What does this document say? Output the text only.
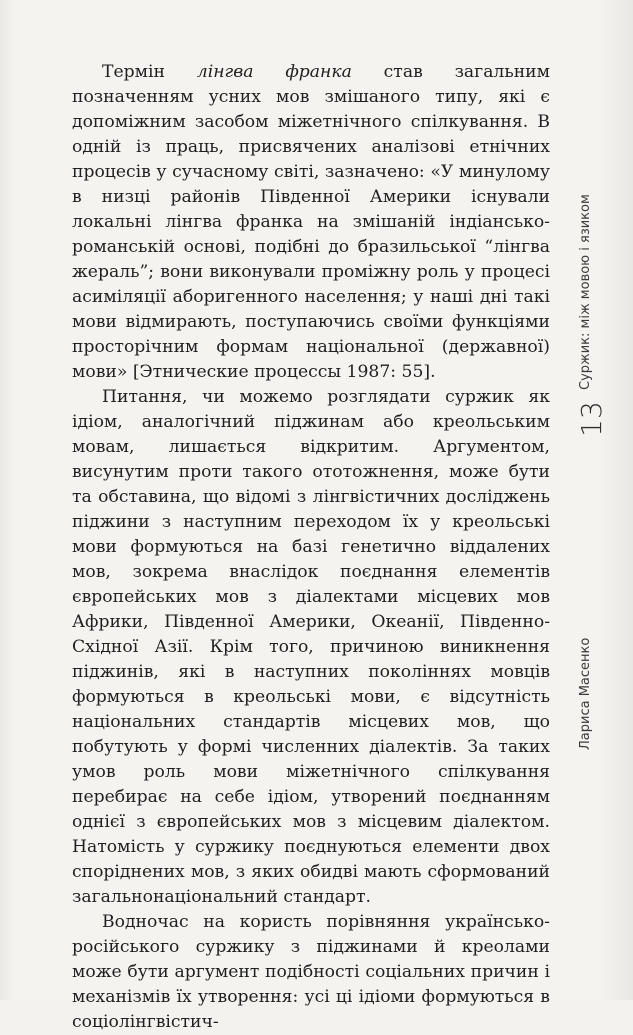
Термін лінгва франка став загальним позначенням усних мов змішаного типу, які є допоміжним засобом міжетнічного спілкування. В одній із праць, присвячених аналізові етнічних процесів у сучасному світі, зазначено: «У минулому в низці районів Південної Америки існували локальні лінгва франка на змішаній індіансько-романській основі, подібні до бразильської “лінгва жераль”; вони виконували проміжну роль у процесі асиміляції аборигенного населення; у наші дні такі мови відмирають, поступаючись своїми функціями просторічним формам національної (державної) мови» [Этнические процессы 1987: 55].

Питання, чи можемо розглядати суржик як ідіом, аналогічний піджинам або креольським мовам, лишається відкритим. Аргументом, висунутим проти такого ототожнення, може бути та обставина, що відомі з лінгвістичних досліджень піджини з наступним переходом їх у креольські мови формуються на базі генетично віддалених мов, зокрема внаслідок поєднання елементів європейських мов з діалектами місцевих мов Африки, Південної Америки, Океанії, Південно-Східної Азії. Крім того, причиною виникнення піджинів, які в наступних поколіннях мовців формуються в креольські мови, є відсутність національних стандартів місцевих мов, що побутують у формі численних діалектів. За таких умов роль мови міжетнічного спілкування перебирає на себе ідіом, утворений поєднанням однієї з європейських мов з місцевим діалектом. Натомість у суржику поєднуються елементи двох споріднених мов, з яких обидві мають сформований загальнонаціональний стандарт.

Водночас на користь порівняння українсько-російського суржику з піджинами й креолами може бути аргумент подібності соціальних причин і механізмів їх утворення: усі ці ідіоми формуються в соціолінгвістич-

Суржик: між мовою і язиком
Лариса Масенко
13
